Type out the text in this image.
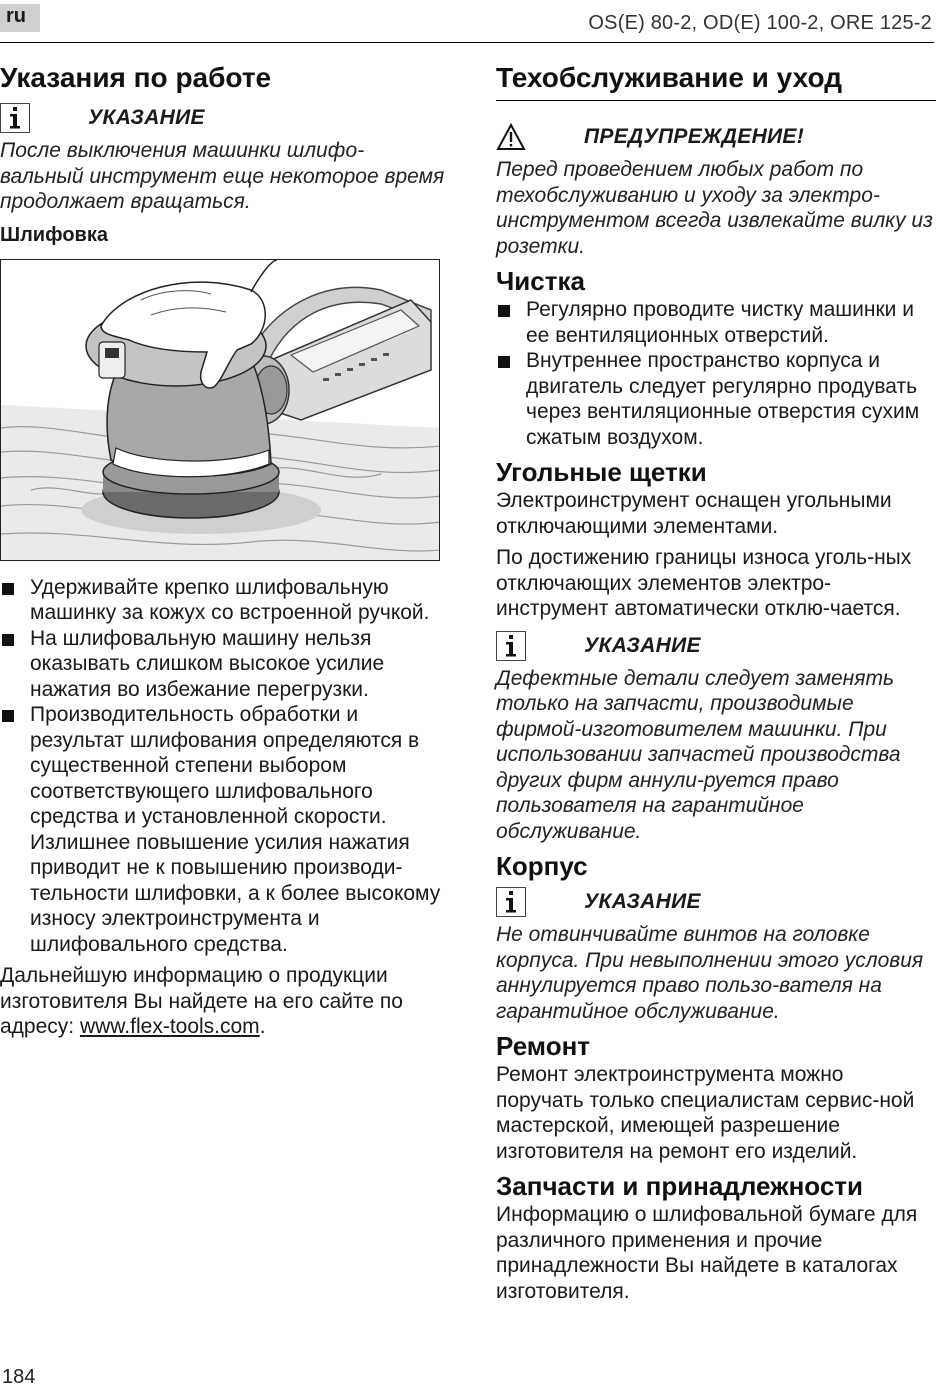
ru	OS(E) 80-2, OD(E) 100-2, ORE 125-2
Указания по работе
УКАЗАНИЕ

После выключения машинки шлифо-вальный инструмент еще некоторое время продолжает вращаться.

Шлифовка
Удерживайте крепко шлифовальную машинку за кожух со встроенной ручкой.
На шлифовальную машину нельзя оказывать слишком высокое усилие нажатия во избежание перегрузки.
Производительность обработки и результат шлифования определяются в существенной степени выбором соответствующего шлифовального средства и установленной скорости. Излишнее повышение усилия нажатия приводит не к повышению производи-тельности шлифовки, а к более высокому износу электроинструмента и шлифовального средства.

Дальнейшую информацию о продукции изготовителя Вы найдете на его сайте по адресу: www.flex-tools.com.

Техобслуживание и уход
ПРЕДУПРЕЖДЕНИЕ!

Перед проведением любых работ по техобслуживанию и уходу за электро-инструментом всегда извлекайте вилку из розетки.

Чистка
Регулярно проводите чистку машинки и ее вентиляционных отверстий.
Внутреннее пространство корпуса и двигатель следует регулярно продувать через вентиляционные отверстия сухим сжатым воздухом.
Угольные щетки

Электроинструмент оснащен угольными отключающими элементами.

По достижению границы износа уголь-ных отключающих элементов электро-инструмент автоматически отклю-чается.

УКАЗАНИЕ

Дефектные детали следует заменять только на запчасти, производимые фирмой-изготовителем машинки. При использовании запчастей производства других фирм аннули-руется право пользователя на гарантийное обслуживание.

Корпус
УКАЗАНИЕ

Не отвинчивайте винтов на головке корпуса. При невыполнении этого условия аннулируется право пользо-вателя на гарантийное обслуживание.

Ремонт

Ремонт электроинструмента можно поручать только специалистам сервис-ной мастерской, имеющей разрешение изготовителя на ремонт его изделий.

Запчасти и принадлежности

Информацию о шлифовальной бумаге для различного применения и прочие принадлежности Вы найдете в каталогах изготовителя.

184
